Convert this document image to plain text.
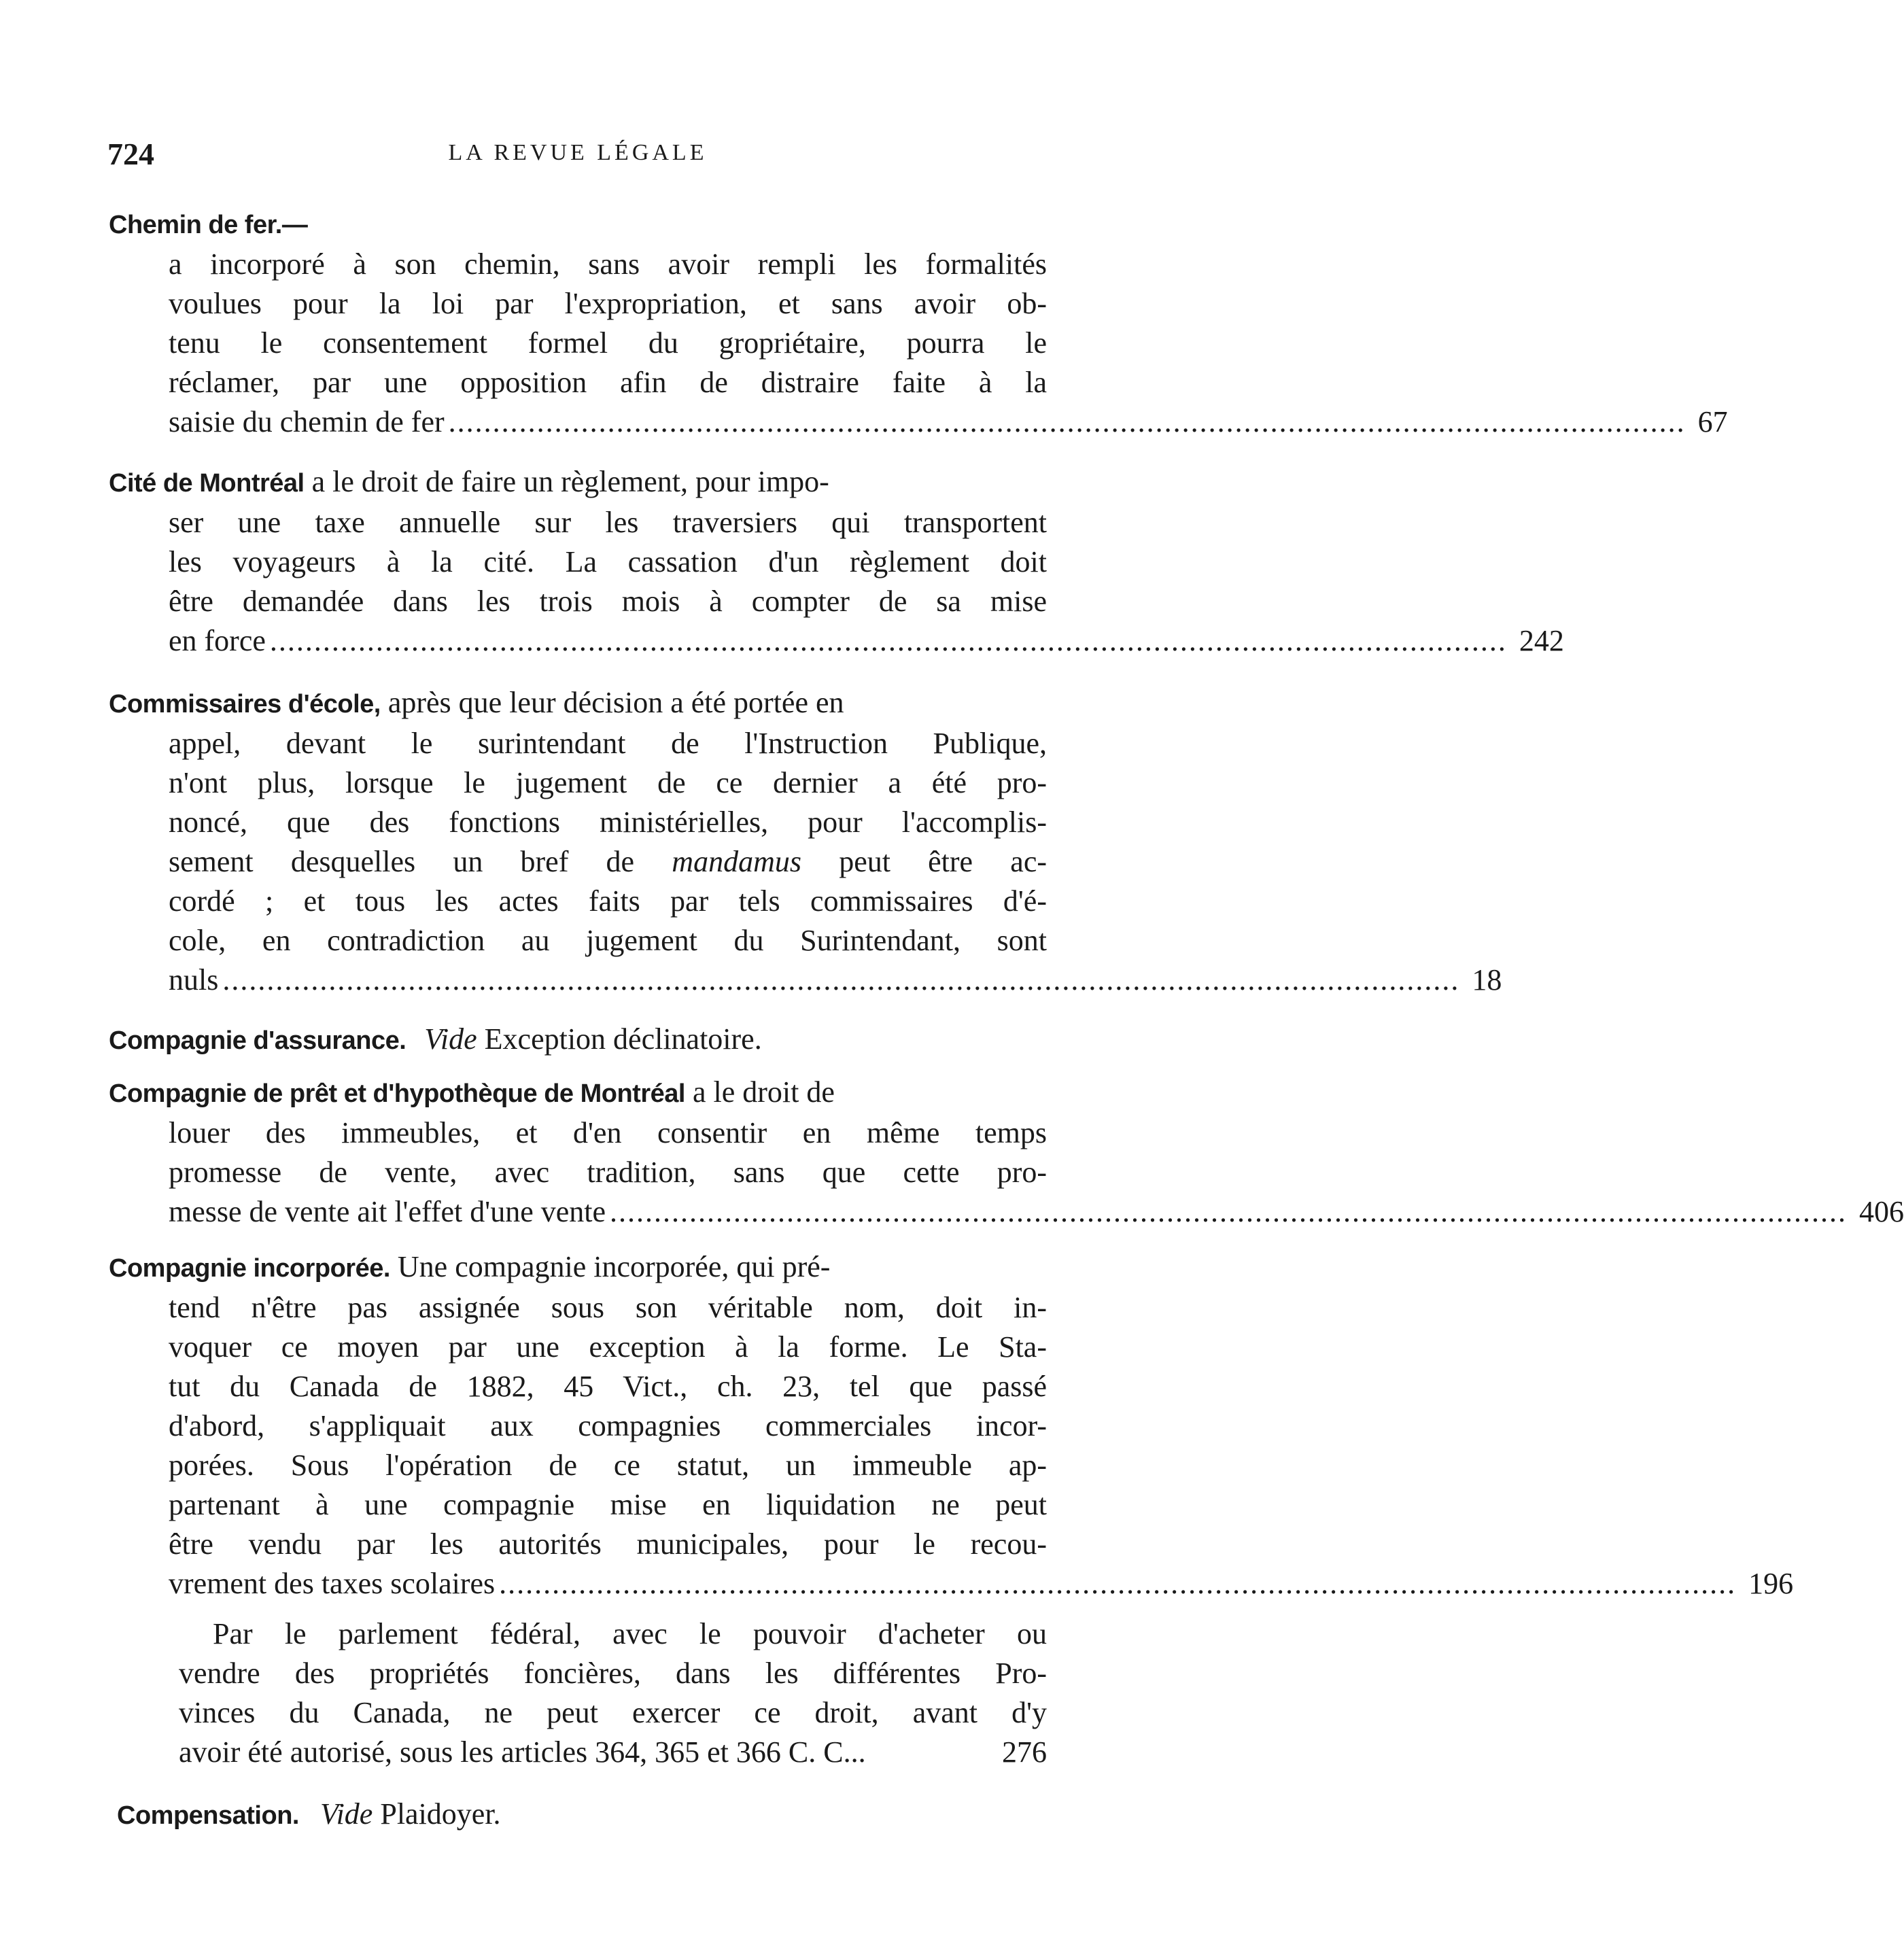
724	LA REVUE LÉGALE
Chemin de fer.—
a incorporé à son chemin, sans avoir rempli les formalités
voulues pour la loi par l'expropriation, et sans avoir ob-
tenu le consentement formel du gropriétaire, pourra le
réclamer, par une opposition afin de distraire faite à la
saisie du chemin de fer ............................................................................................................................................ 67
Cité de Montréal a le droit de faire un règlement, pour impo-
ser une taxe annuelle sur les traversiers qui transportent
les voyageurs à la cité. La cassation d'un règlement doit
être demandée dans les trois mois à compter de sa mise
en force ............................................................................................................................................ 242
Commissaires d'école, après que leur décision a été portée en
appel, devant le surintendant de l'Instruction Publique,
n'ont plus, lorsque le jugement de ce dernier a été pro-
noncé, que des fonctions ministérielles, pour l'accomplis-
sement desquelles un bref de mandamus peut être ac-
cordé ; et tous les actes faits par tels commissaires d'é-
cole, en contradiction au jugement du Surintendant, sont
nuls ............................................................................................................................................ 18
Compagnie d'assurance. Vide Exception déclinatoire.
Compagnie de prêt et d'hypothèque de Montréal a le droit de
louer des immeubles, et d'en consentir en même temps
promesse de vente, avec tradition, sans que cette pro-
messe de vente ait l'effet d'une vente ............................................................................................................................................ 406
Compagnie incorporée. Une compagnie incorporée, qui pré-
tend n'être pas assignée sous son véritable nom, doit in-
voquer ce moyen par une exception à la forme. Le Sta-
tut du Canada de 1882, 45 Vict., ch. 23, tel que passé
d'abord, s'appliquait aux compagnies commerciales incor-
porées. Sous l'opération de ce statut, un immeuble ap-
partenant à une compagnie mise en liquidation ne peut
être vendu par les autorités municipales, pour le recou-
vrement des taxes scolaires ............................................................................................................................................ 196
Par le parlement fédéral, avec le pouvoir d'acheter ou
vendre des propriétés foncières, dans les différentes Pro-
vinces du Canada, ne peut exercer ce droit, avant d'y
avoir été autorisé, sous les articles 364, 365 et 366 C. C...	276
Compensation. Vide Plaidoyer.
